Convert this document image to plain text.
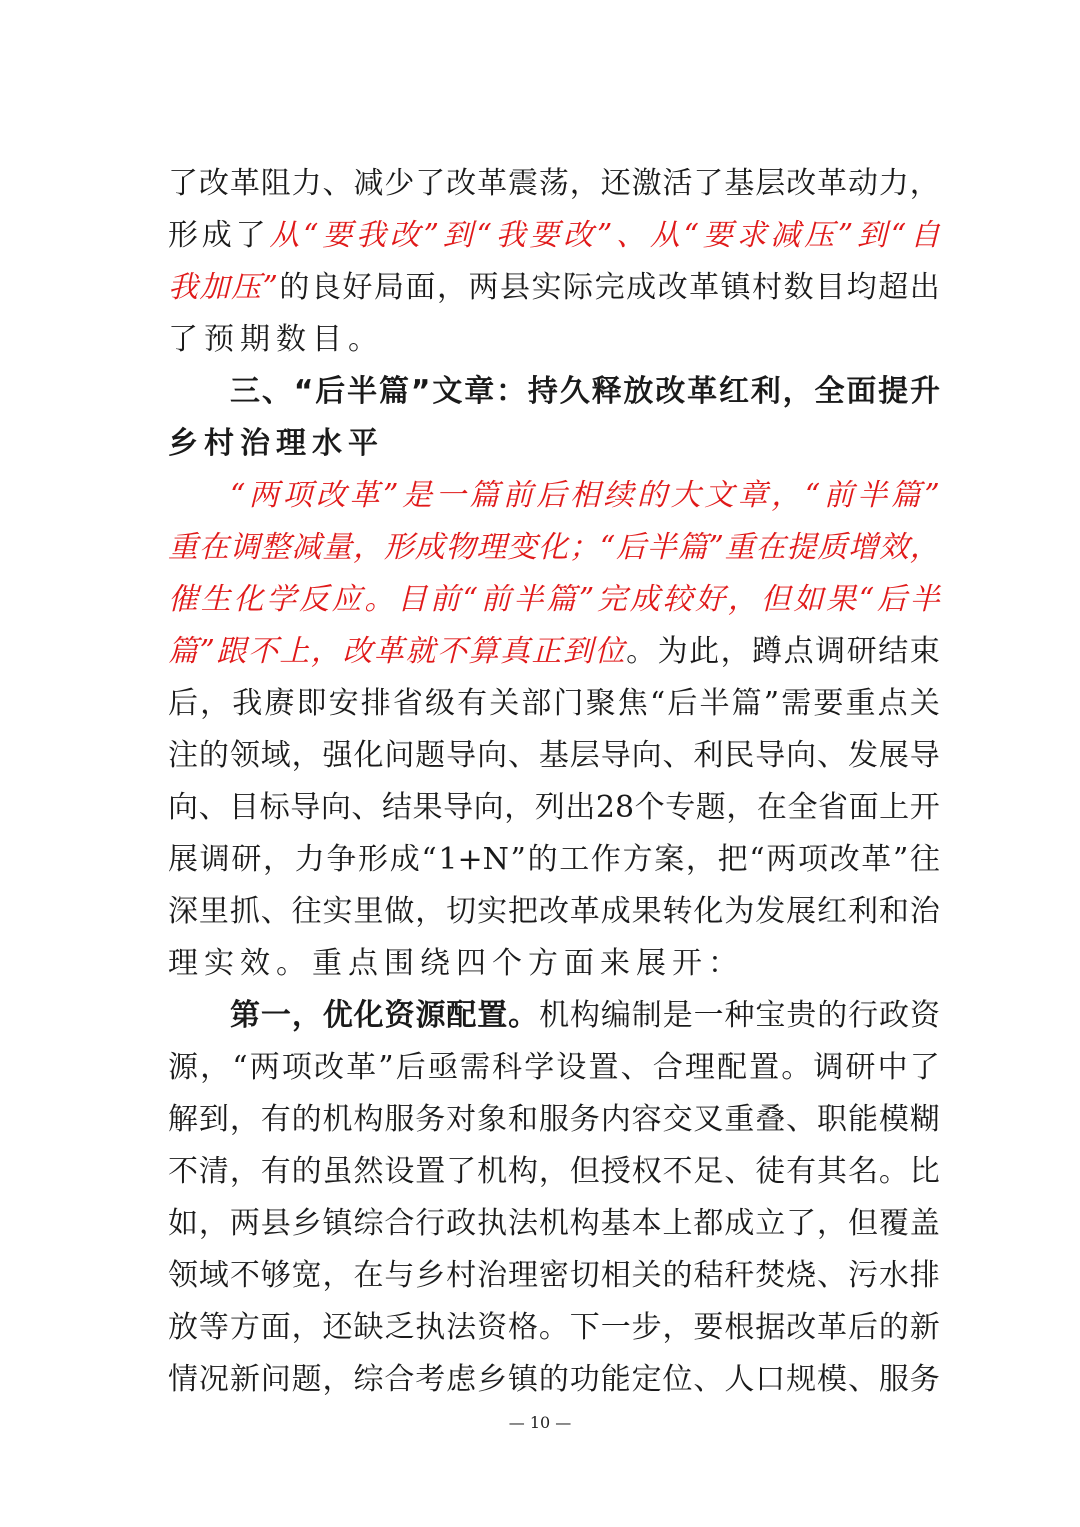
了 改 革 阻 力 、 减 少 了 改 革 震 荡 ， 还 激 活 了 基 层 改 革 动 力 ，
形 成 了 从 “ 要 我 改 ” 到 “ 我 要 改 ” 、 从 “ 要 求 减 压 ” 到 “ 自
我 加 压 ” 的 良 好 局 面 ， 两 县 实 际 完 成 改 革 镇 村 数 目 均 超 出
了预期数目。
三 、 “ 后 半 篇 ” 文 章 ： 持 久 释 放 改 革 红 利 ， 全 面 提 升
乡村治理水平
“ 两 项 改 革 ” 是 一 篇 前 后 相 续 的 大 文 章 ， “ 前 半 篇 ”
重 在 调 整 减 量 ， 形 成 物 理 变 化 ； “ 后 半 篇 ” 重 在 提 质 增 效 ，
催 生 化 学 反 应 。 目 前 “ 前 半 篇 ” 完 成 较 好 ， 但 如 果 “ 后 半
篇 ” 跟 不 上 ， 改 革 就 不 算 真 正 到 位 。 为 此 ， 蹲 点 调 研 结 束
后 ， 我 赓 即 安 排 省 级 有 关 部 门 聚 焦 “ 后 半 篇 ” 需 要 重 点 关
注 的 领 域 ， 强 化 问 题 导 向 、 基 层 导 向 、 利 民 导 向 、 发 展 导
向 、 目 标 导 向 、 结 果 导 向 ， 列 出 28 个 专 题 ， 在 全 省 面 上 开
展 调 研 ， 力 争 形 成 “ 1+N ” 的 工 作 方 案 ， 把 “ 两 项 改 革 ” 往
深 里 抓 、 往 实 里 做 ， 切 实 把 改 革 成 果 转 化 为 发 展 红 利 和 治
理实效。重点围绕四个方面来展开：
第 一 ， 优 化 资 源 配 置 。 机 构 编 制 是 一 种 宝 贵 的 行 政 资
源 ， “ 两 项 改 革 ” 后 亟 需 科 学 设 置 、 合 理 配 置 。 调 研 中 了
解 到 ， 有 的 机 构 服 务 对 象 和 服 务 内 容 交 叉 重 叠 、 职 能 模 糊
不 清 ， 有 的 虽 然 设 置 了 机 构 ， 但 授 权 不 足 、 徒 有 其 名 。 比
如 ， 两 县 乡 镇 综 合 行 政 执 法 机 构 基 本 上 都 成 立 了 ， 但 覆 盖
领 域 不 够 宽 ， 在 与 乡 村 治 理 密 切 相 关 的 秸 秆 焚 烧 、 污 水 排
放 等 方 面 ， 还 缺 乏 执 法 资 格 。 下 一 步 ， 要 根 据 改 革 后 的 新
情 况 新 问 题 ， 综 合 考 虑 乡 镇 的 功 能 定 位 、 人 口 规 模 、 服 务
— 10 —
